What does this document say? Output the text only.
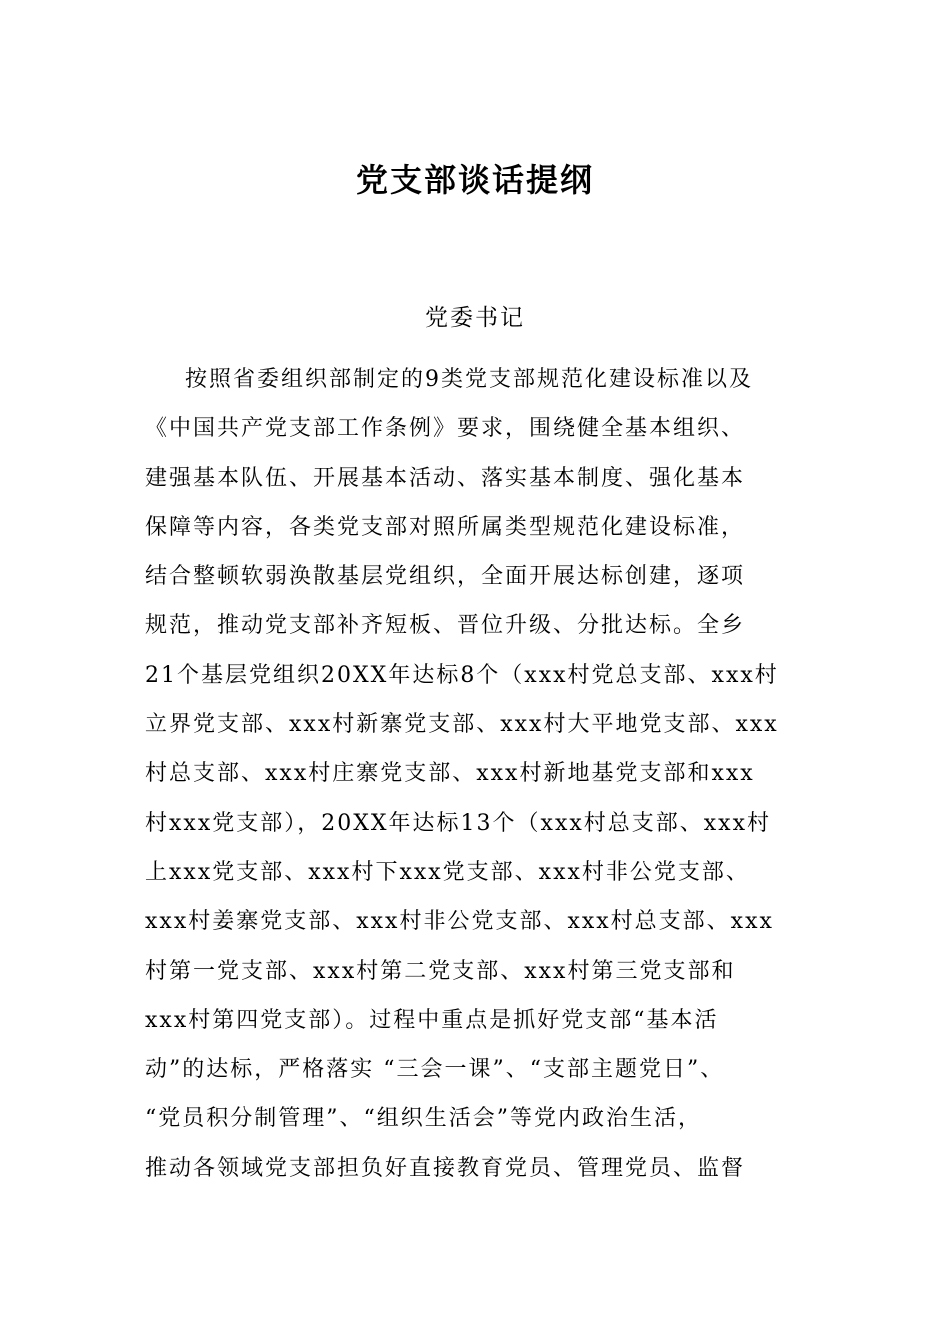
党支部谈话提纲
党委书记
按照省委组织部制定的9类党支部规范化建设标准以及
《中国共产党支部工作条例》要求，围绕健全基本组织、
建强基本队伍、开展基本活动、落实基本制度、强化基本
保障等内容，各类党支部对照所属类型规范化建设标准，
结合整顿软弱涣散基层党组织，全面开展达标创建，逐项
规范，推动党支部补齐短板、晋位升级、分批达标。全乡
21个基层党组织20XX年达标8个（xxx村党总支部、xxx村
立界党支部、xxx村新寨党支部、xxx村大平地党支部、xxx
村总支部、xxx村庄寨党支部、xxx村新地基党支部和xxx
村xxx党支部），20XX年达标13个（xxx村总支部、xxx村
上xxx党支部、xxx村下xxx党支部、xxx村非公党支部、
xxx村姜寨党支部、xxx村非公党支部、xxx村总支部、xxx
村第一党支部、xxx村第二党支部、xxx村第三党支部和
xxx村第四党支部）。过程中重点是抓好党支部“基本活
动”的达标，严格落实 “三会一课”、“支部主题党日”、
“党员积分制管理”、“组织生活会”等党内政治生活，
推动各领域党支部担负好直接教育党员、管理党员、监督
